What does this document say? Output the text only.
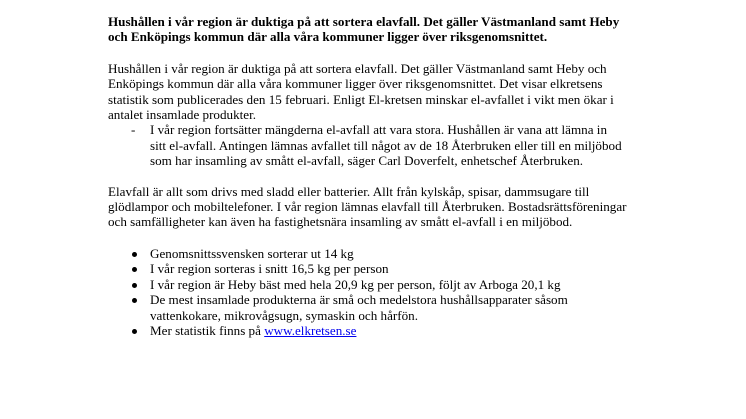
Hushållen i vår region är duktiga på att sortera elavfall. Det gäller Västmanland samt Heby och Enköpings kommun där alla våra kommuner ligger över riksgenomsnittet.

Hushållen i vår region är duktiga på att sortera elavfall. Det gäller Västmanland samt Heby och Enköpings kommun där alla våra kommuner ligger över riksgenomsnittet. Det visar elkretsens statistik som publicerades den 15 februari. Enligt El-kretsen minskar el-avfallet i vikt men ökar i antalet insamlade produkter.

- I vår region fortsätter mängderna el-avfall att vara stora. Hushållen är vana att lämna in sitt el-avfall. Antingen lämnas avfallet till något av de 18 Återbruken eller till en miljöbod som har insamling av smått el-avfall, säger Carl Doverfelt, enhetschef Återbruken.

Elavfall är allt som drivs med sladd eller batterier. Allt från kylskåp, spisar, dammsugare till glödlampor och mobiltelefoner. I vår region lämnas elavfall till Återbruken. Bostadsrättsföreningar och samfälligheter kan även ha fastighetsnära insamling av smått el-avfall i en miljöbod.

Genomsnittssvensken sorterar ut 14 kg
I vår region sorteras i snitt 16,5 kg per person
I vår region är Heby bäst med hela 20,9 kg per person, följt av Arboga 20,1 kg
De mest insamlade produkterna är små och medelstora hushållsapparater såsom vattenkokare, mikrovågsugn, symaskin och hårfön.
Mer statistik finns på www.elkretsen.se
